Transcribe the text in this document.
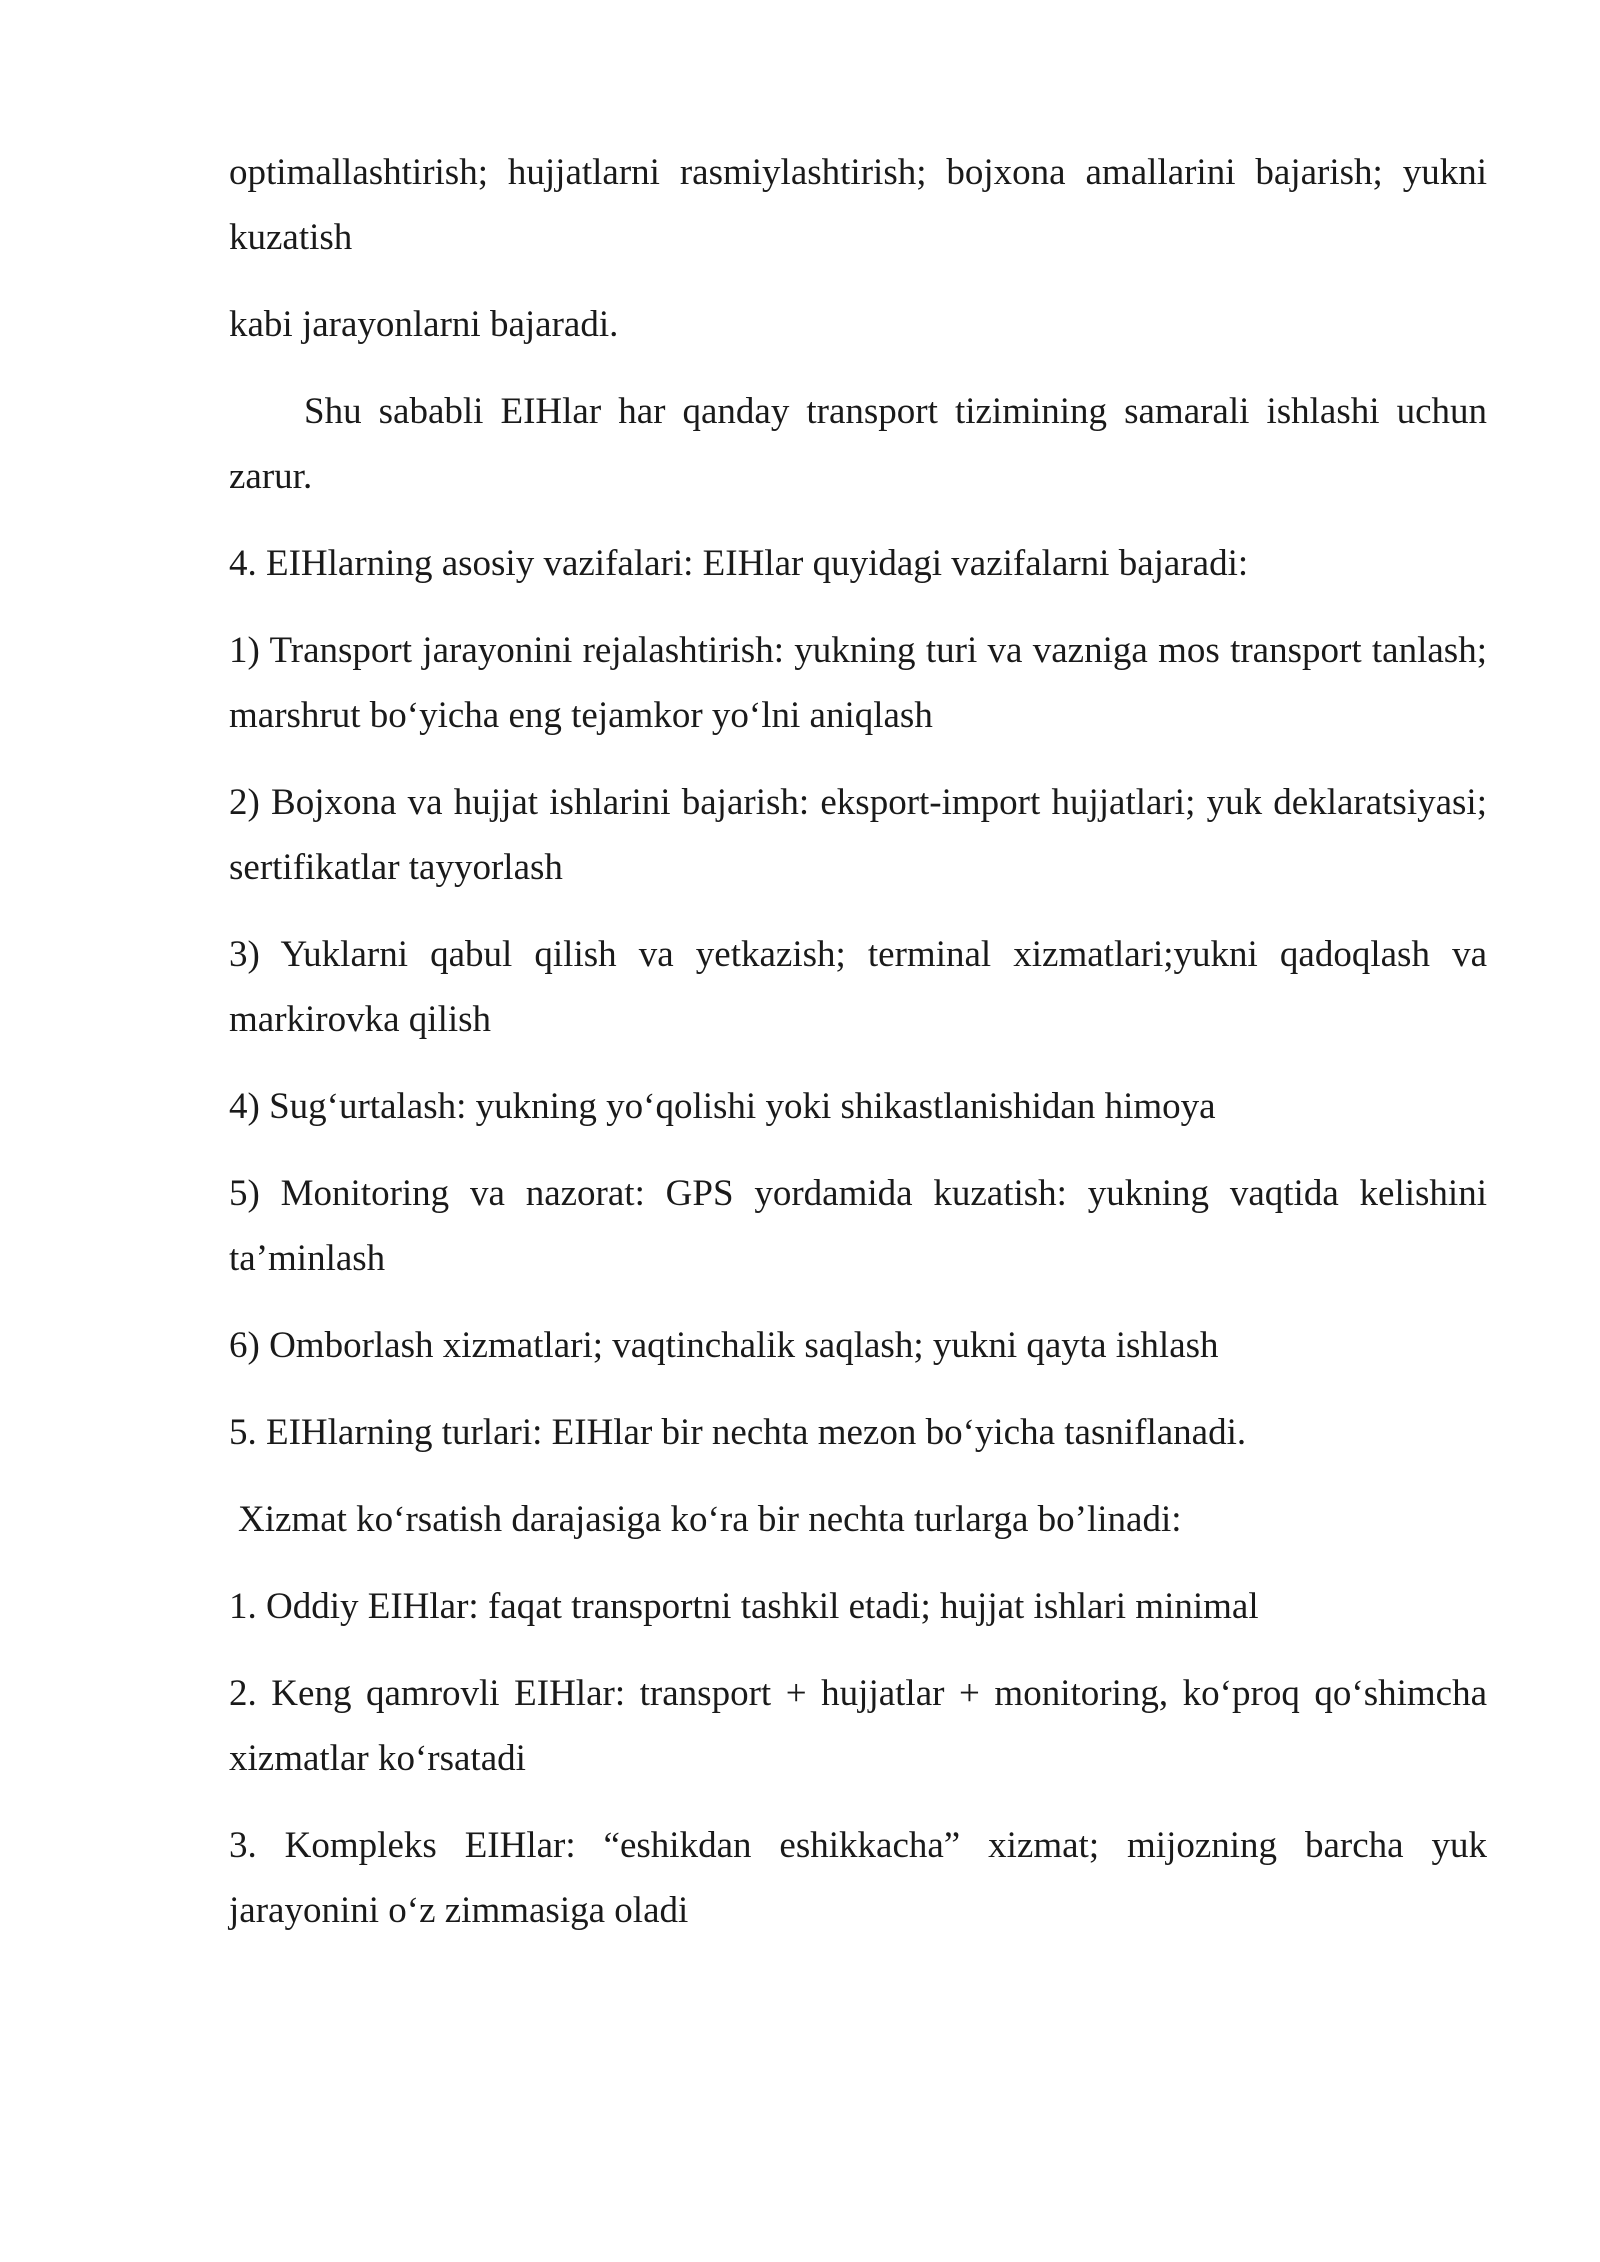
optimallashtirish; hujjatlarni rasmiylashtirish; bojxona amallarini bajarish; yukni kuzatish

kabi jarayonlarni bajaradi.

Shu sababli EIHlar har qanday transport tizimining samarali ishlashi uchun zarur.

4. EIHlarning asosiy vazifalari: EIHlar quyidagi vazifalarni bajaradi:

1) Transport jarayonini rejalashtirish: yukning turi va vazniga mos transport tanlash; marshrut bo‘yicha eng tejamkor yo‘lni aniqlash

2) Bojxona va hujjat ishlarini bajarish: eksport-import hujjatlari; yuk deklaratsiyasi; sertifikatlar tayyorlash

3) Yuklarni qabul qilish va yetkazish; terminal xizmatlari;yukni qadoqlash va markirovka qilish

4) Sug‘urtalash: yukning yo‘qolishi yoki shikastlanishidan himoya

5) Monitoring va nazorat: GPS yordamida kuzatish: yukning vaqtida kelishini ta’minlash

6) Omborlash xizmatlari; vaqtinchalik saqlash; yukni qayta ishlash

5. EIHlarning turlari: EIHlar bir nechta mezon bo‘yicha tasniflanadi.

Xizmat ko‘rsatish darajasiga ko‘ra bir nechta turlarga bo’linadi:

1. Oddiy EIHlar: faqat transportni tashkil etadi; hujjat ishlari minimal

2. Keng qamrovli EIHlar: transport + hujjatlar + monitoring, ko‘proq qo‘shimcha xizmatlar ko‘rsatadi

3. Kompleks EIHlar: “eshikdan eshikkacha” xizmat; mijozning barcha yuk jarayonini o‘z zimmasiga oladi
